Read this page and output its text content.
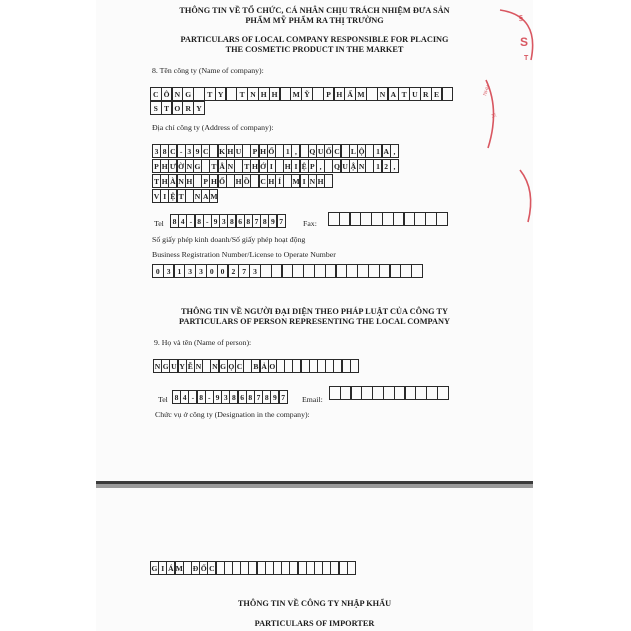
THÔNG TIN VỀ TỔ CHỨC, CÁ NHÂN CHỊU TRÁCH NHIỆM ĐƯA SẢN
PHẨM MỸ PHẨM RA THỊ TRƯỜNG
PARTICULARS OF LOCAL COMPANY RESPONSIBLE FOR PLACING
THE COSMETIC PRODUCT IN THE MARKET
8. Tên công ty (Name of company):
C Ô N G	T Y	T N H H	M Ỹ	P H Ẩ M	N A T U R E
S T O R Y
Địa chỉ công ty (Address of company):
3 8 C - 3 9 C K H U P H Ố	1 ,	Q U Ố C L Ộ	1 A ,
P H Ư Ờ N G T Â N T H Ớ I	H I Ệ P ,	Q U Ậ N	1 2 ,
T H À N H P H Ố H Ồ C H Í	M I N H
V I Ệ T N A M
Tel	8 4 - 8 - 9 3 8 6 8 7 8 9 7	Fax:
Số giấy phép kinh doanh/Số giấy phép hoạt động
Business Registration Number/License to Operate Number
0 3 1 3 3 0 0 2 7 3
THÔNG TIN VỀ NGƯỜI ĐẠI DIỆN THEO PHÁP LUẬT CỦA CÔNG TY
PARTICULARS OF PERSON REPRESENTING THE LOCAL COMPANY
9. Họ và tên (Name of person):
N G U Y Ễ N N G Ọ C B Ả O
Tel 8 4 - 8 - 9 3 8 6 8 7 8 9 7	Email:
Chức vụ ở công ty (Designation in the company):
G I Á M Đ Ố C
THÔNG TIN VỀ CÔNG TY NHẬP KHẨU
PARTICULARS OF IMPORTER
§
S
T
NHH
ℳ
